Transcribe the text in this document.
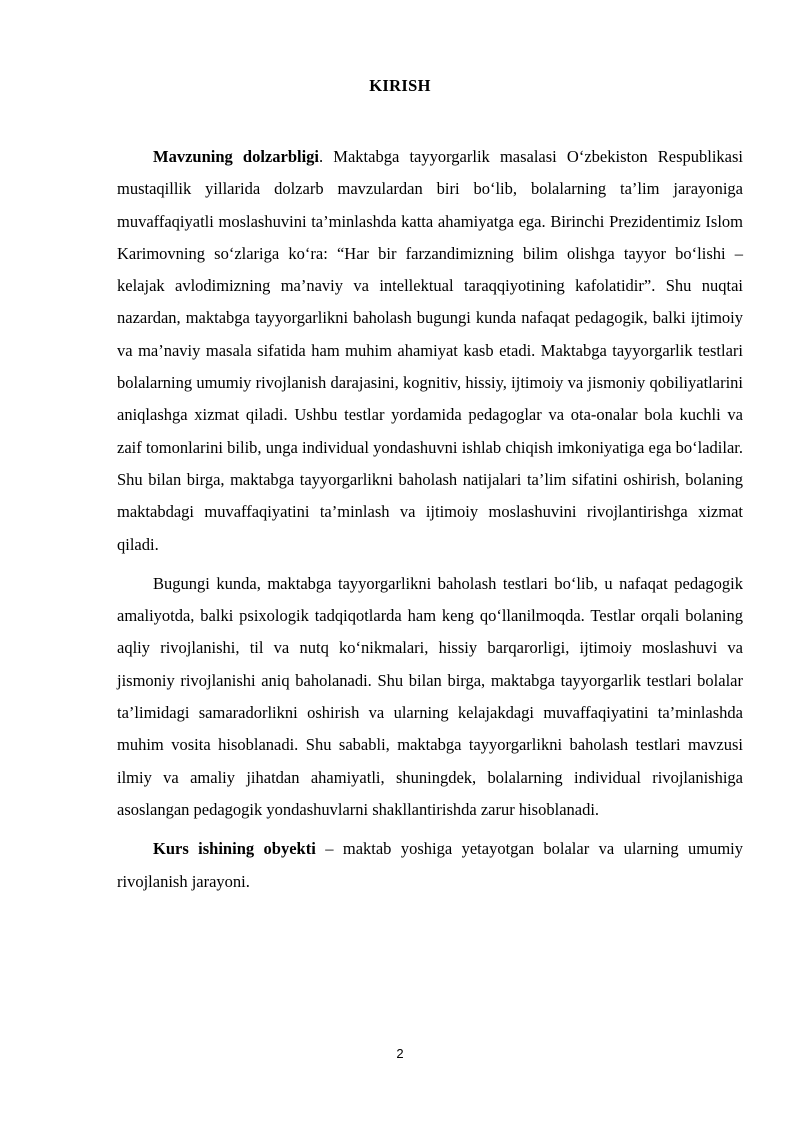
KIRISH

Mavzuning dolzarbligi. Maktabga tayyorgarlik masalasi O‘zbekiston Respublikasi mustaqillik yillarida dolzarb mavzulardan biri bo‘lib, bolalarning ta’lim jarayoniga muvaffaqiyatli moslashuvini ta’minlashda katta ahamiyatga ega. Birinchi Prezidentimiz Islom Karimovning so‘zlariga ko‘ra: “Har bir farzandimizning bilim olishga tayyor bo‘lishi – kelajak avlodimizning ma’naviy va intellektual taraqqiyotining kafolatidir”. Shu nuqtai nazardan, maktabga tayyorgarlikni baholash bugungi kunda nafaqat pedagogik, balki ijtimoiy va ma’naviy masala sifatida ham muhim ahamiyat kasb etadi. Maktabga tayyorgarlik testlari bolalarning umumiy rivojlanish darajasini, kognitiv, hissiy, ijtimoiy va jismoniy qobiliyatlarini aniqlashga xizmat qiladi. Ushbu testlar yordamida pedagoglar va ota-onalar bola kuchli va zaif tomonlarini bilib, unga individual yondashuvni ishlab chiqish imkoniyatiga ega bo‘ladilar. Shu bilan birga, maktabga tayyorgarlikni baholash natijalari ta’lim sifatini oshirish, bolaning maktabdagi muvaffaqiyatini ta’minlash va ijtimoiy moslashuvini rivojlantirishga xizmat qiladi.

Bugungi kunda, maktabga tayyorgarlikni baholash testlari bo‘lib, u nafaqat pedagogik amaliyotda, balki psixologik tadqiqotlarda ham keng qo‘llanilmoqda. Testlar orqali bolaning aqliy rivojlanishi, til va nutq ko‘nikmalari, hissiy barqarorligi, ijtimoiy moslashuvi va jismoniy rivojlanishi aniq baholanadi. Shu bilan birga, maktabga tayyorgarlik testlari bolalar ta’limidagi samaradorlikni oshirish va ularning kelajakdagi muvaffaqiyatini ta’minlashda muhim vosita hisoblanadi. Shu sababli, maktabga tayyorgarlikni baholash testlari mavzusi ilmiy va amaliy jihatdan ahamiyatli, shuningdek, bolalarning individual rivojlanishiga asoslangan pedagogik yondashuvlarni shakllantirishda zarur hisoblanadi.

Kurs ishining obyekti – maktab yoshiga yetayotgan bolalar va ularning umumiy rivojlanish jarayoni.

2
